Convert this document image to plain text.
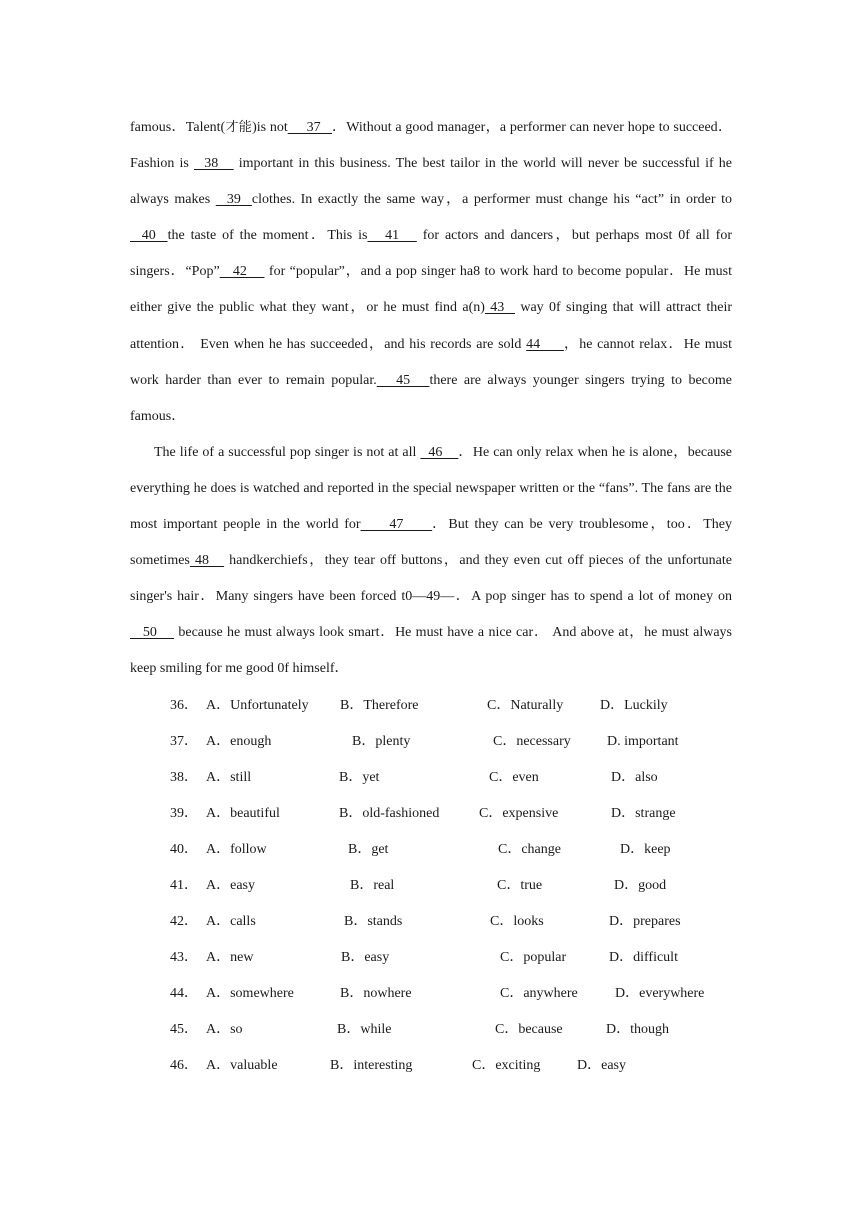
famous．Talent(才能)is not     37   ．Without a good manager，a performer can never hope to succeed．Fashion is   38    important in this business. The best tailor in the world will never be successful if he always makes   39  clothes. In exactly the same way，a performer must change his “act” in order to   40  the taste of the moment．This is   41    for actors and dancers，but perhaps most 0f all for singers．“Pop”   42     for “popular”，and a pop singer ha8 to work hard to become popular．He must either give the public what they want，or he must find a(n) 43   way 0f singing that will attract their attention． Even when he has succeeded，and his records are sold 44     ，he cannot relax．He must work harder than ever to remain popular.   45   there are always younger singers trying to become famous．

The life of a successful pop singer is not at all   46    ．He can only relax when he is alone，because everything he does is watched and reported in the special newspaper written or the “fans”. The fans are the most important people in the world for     47     ．But they can be very troublesome，too．They sometimes 48    handkerchiefs，they tear off buttons，and they even cut off pieces of the unfortunate singer's hair．Many singers have been forced t0—49—．A pop singer has to spend a lot of money on   50     because he must always look smart．He must have a nice car． And above at，he must always keep smiling for me good 0f himself．

36． A．Unfortunately B．Therefore	C．Naturally	D．Luckily
37． A．enough	B．plenty	C．necessary	D. important
38． A．still	B．yet	C．even	D．also
39． A．beautiful	B．old-fashioned	C．expensive	D．strange
40． A．follow	B．get	C．change	D．keep
41． A．easy	B．real	C．true	D．good
42． A．calls	B．stands	C．looks	D．prepares
43． A．new	B．easy	C．popular	D．difficult
44． A．somewhere	B．nowhere	C．anywhere	D．everywhere
45． A．so	B．while	C．because	D．though
46． A．valuable	B．interesting	C．exciting	D．easy
